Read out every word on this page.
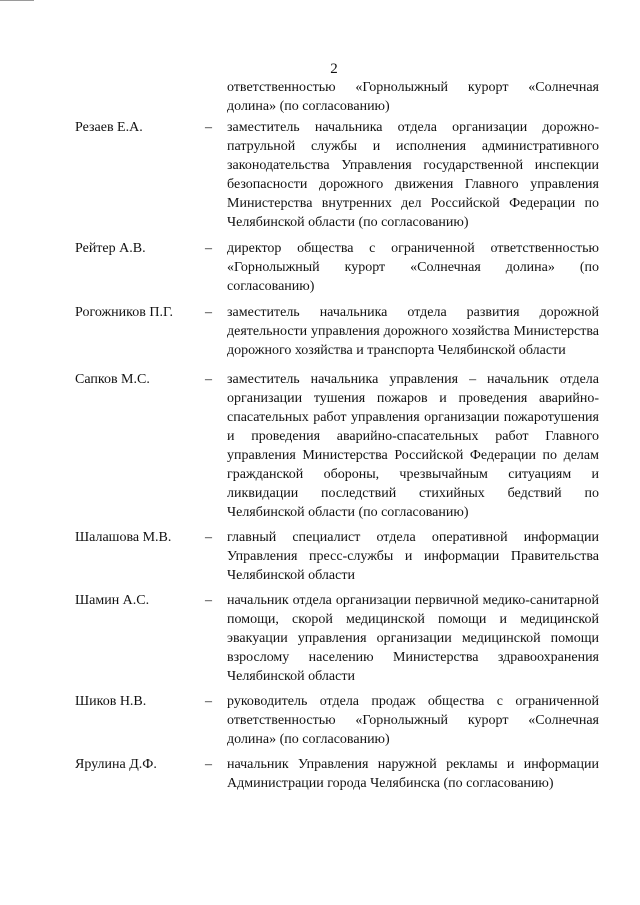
2
ответственностью «Горнолыжный курорт «Солнечная долина» (по согласованию)
Резаев Е.А.	–	заместитель начальника отдела организации дорожно-патрульной службы и исполнения административного законодательства Управления государственной инспекции безопасности дорожного движения Главного управления Министерства внутренних дел Российской Федерации по Челябинской области (по согласованию)
Рейтер А.В.	–	директор общества с ограниченной ответственностью «Горнолыжный курорт «Солнечная долина» (по согласованию)
Рогожников П.Г.	–	заместитель начальника отдела развития дорожной деятельности управления дорожного хозяйства Министерства дорожного хозяйства и транспорта Челябинской области
Сапков М.С.	–	заместитель начальника управления – начальник отдела организации тушения пожаров и проведения аварийно-спасательных работ управления организации пожаротушения и проведения аварийно-спасательных работ Главного управления Министерства Российской Федерации по делам гражданской обороны, чрезвычайным ситуациям и ликвидации последствий стихийных бедствий по Челябинской области (по согласованию)
Шалашова М.В.	–	главный специалист отдела оперативной информации Управления пресс-службы и информации Правительства Челябинской области
Шамин А.С.	–	начальник отдела организации первичной медико-санитарной помощи, скорой медицинской помощи и медицинской эвакуации управления организации медицинской помощи взрослому населению Министерства здравоохранения Челябинской области
Шиков Н.В.	–	руководитель отдела продаж общества с ограниченной ответственностью «Горнолыжный курорт «Солнечная долина» (по согласованию)
Ярулина Д.Ф.	–	начальник Управления наружной рекламы и информации Администрации города Челябинска (по согласованию)
